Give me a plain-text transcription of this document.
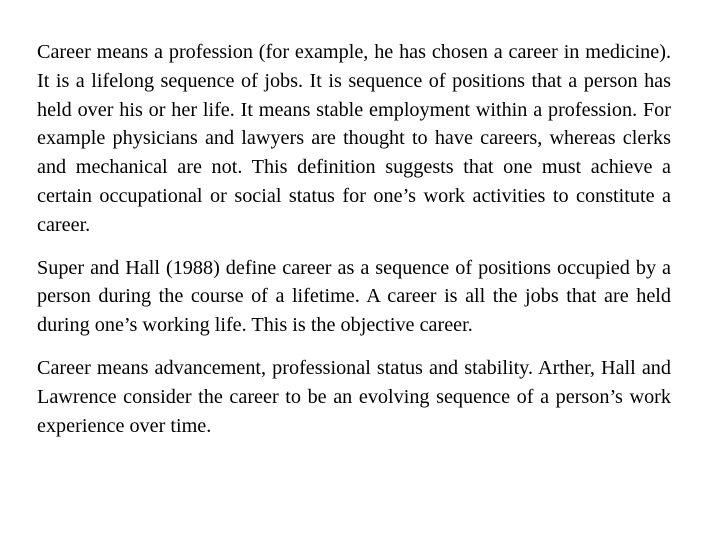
Career means a profession (for example, he has chosen a career in medicine). It is a lifelong sequence of jobs. It is sequence of positions that a person has held over his or her life. It means stable employment within a profession. For example physicians and lawyers are thought to have careers, whereas clerks and mechanical are not. This definition suggests that one must achieve a certain occupational or social status for one’s work activities to constitute a career.

Super and Hall (1988) define career as a sequence of positions occupied by a person during the course of a lifetime. A career is all the jobs that are held during one’s working life. This is the objective career.

Career means advancement, professional status and stability. Arther, Hall and Lawrence consider the career to be an evolving sequence of a person’s work experience over time.
